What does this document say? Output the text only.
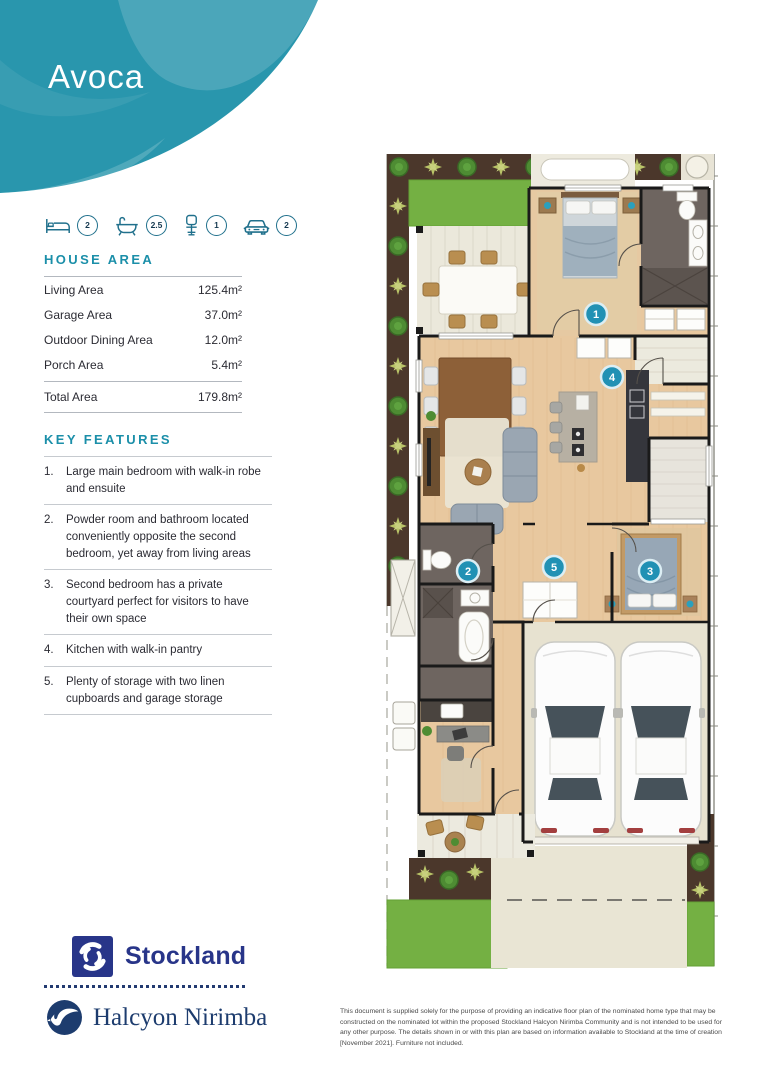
Avoca
2	2.5	1	2
HOUSE AREA
Living Area	125.4m²
Garage Area	37.0m²
Outdoor Dining Area	12.0m²
Porch Area	5.4m²
Total Area	179.8m²
KEY FEATURES
1.	Large main bedroom with walk-in robe and ensuite
2.	Powder room and bathroom located conveniently opposite the second bedroom, yet away from living areas
3.	Second bedroom has a private courtyard perfect for visitors to have their own space
4.	Kitchen with walk-in pantry
5.	Plenty of storage with two linen cupboards and garage storage
Stockland
Halcyon Nirimba
1
2	3
4
5
This document is supplied solely for the purpose of providing an indicative floor plan of the nominated home type that may be constructed on the nominated lot within the proposed Stockland Halcyon Nirimba Community and is not intended to be used for any other purpose. The details shown in or with this plan are based on information available to Stockland at the time of creation [November 2021]. Furniture not included.
